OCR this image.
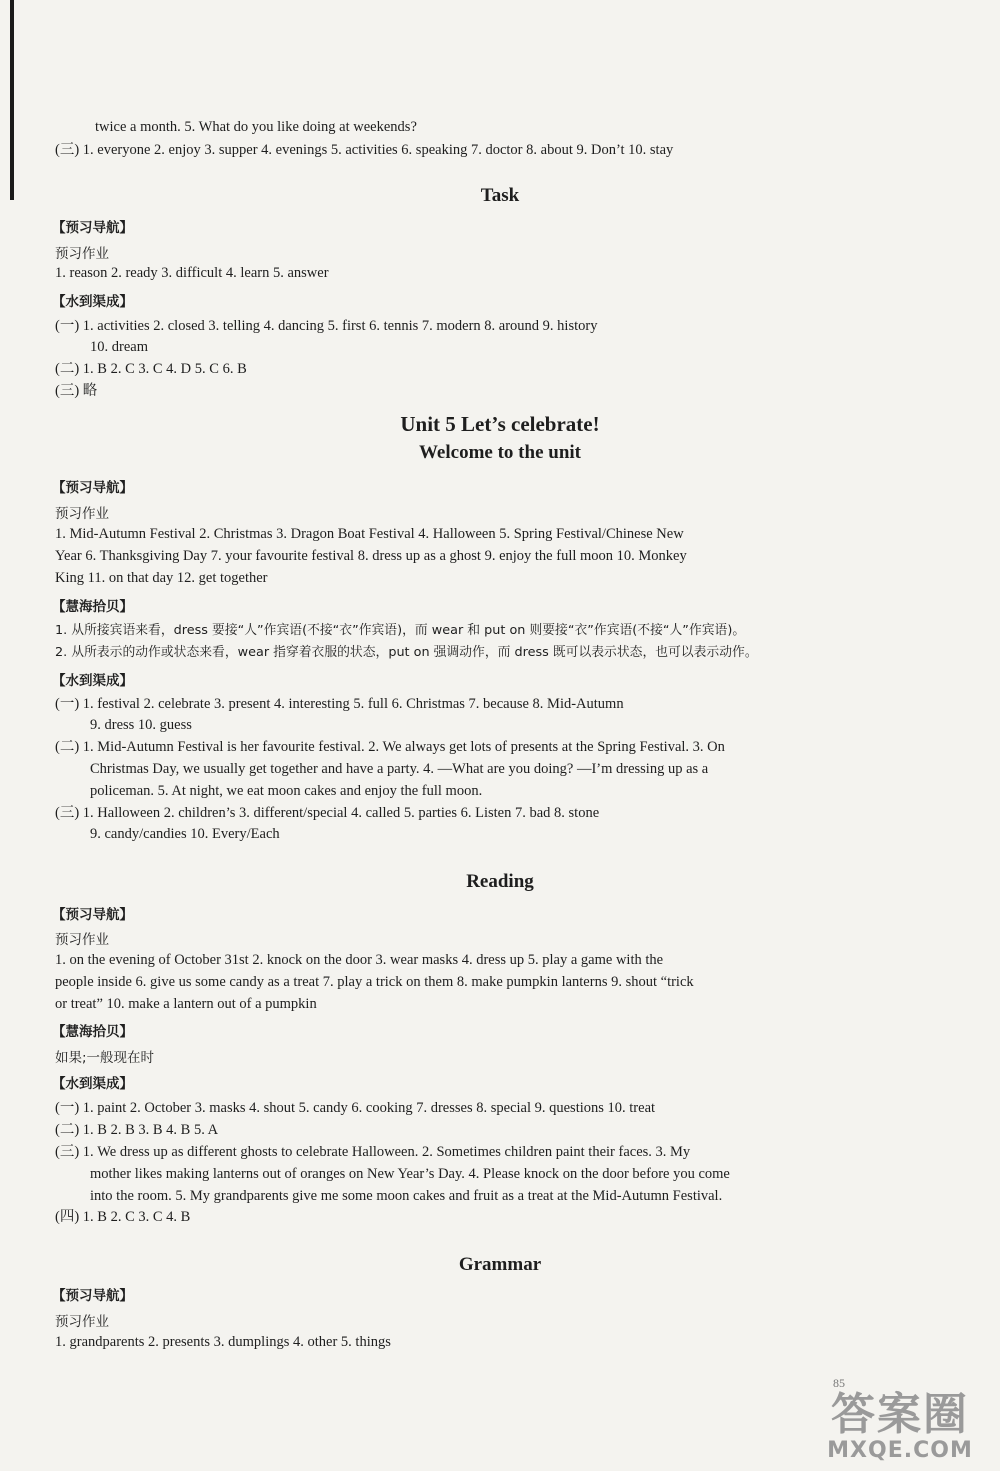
twice a month. 5. What do you like doing at weekends?
(三) 1. everyone 2. enjoy 3. supper 4. evenings 5. activities 6. speaking 7. doctor 8. about 9. Don’t 10. stay
Task
【预习导航】
预习作业
1. reason 2. ready 3. difficult 4. learn 5. answer
【水到渠成】
(一) 1. activities 2. closed 3. telling 4. dancing 5. first 6. tennis 7. modern 8. around 9. history
10. dream
(二) 1. B 2. C 3. C 4. D 5. C 6. B
(三) 略
Unit 5 Let’s celebrate!
Welcome to the unit
【预习导航】
预习作业
1. Mid-Autumn Festival 2. Christmas 3. Dragon Boat Festival 4. Halloween 5. Spring Festival/Chinese New
Year 6. Thanksgiving Day 7. your favourite festival 8. dress up as a ghost 9. enjoy the full moon 10. Monkey
King 11. on that day 12. get together
【慧海拾贝】
1. 从所接宾语来看，dress 要接“人”作宾语(不接“衣”作宾语)，而 wear 和 put on 则要接“衣”作宾语(不接“人”作宾语)。
2. 从所表示的动作或状态来看，wear 指穿着衣服的状态，put on 强调动作，而 dress 既可以表示状态，也可以表示动作。
【水到渠成】
(一) 1. festival 2. celebrate 3. present 4. interesting 5. full 6. Christmas 7. because 8. Mid-Autumn
9. dress 10. guess
(二) 1. Mid-Autumn Festival is her favourite festival. 2. We always get lots of presents at the Spring Festival. 3. On
Christmas Day, we usually get together and have a party. 4. —What are you doing? —I’m dressing up as a
policeman. 5. At night, we eat moon cakes and enjoy the full moon.
(三) 1. Halloween 2. children’s 3. different/special 4. called 5. parties 6. Listen 7. bad 8. stone
9. candy/candies 10. Every/Each
Reading
【预习导航】
预习作业
1. on the evening of October 31st 2. knock on the door 3. wear masks 4. dress up 5. play a game with the
people inside 6. give us some candy as a treat 7. play a trick on them 8. make pumpkin lanterns 9. shout “trick
or treat” 10. make a lantern out of a pumpkin
【慧海拾贝】
如果;一般现在时
【水到渠成】
(一) 1. paint 2. October 3. masks 4. shout 5. candy 6. cooking 7. dresses 8. special 9. questions 10. treat
(二) 1. B 2. B 3. B 4. B 5. A
(三) 1. We dress up as different ghosts to celebrate Halloween. 2. Sometimes children paint their faces. 3. My
mother likes making lanterns out of oranges on New Year’s Day. 4. Please knock on the door before you come
into the room. 5. My grandparents give me some moon cakes and fruit as a treat at the Mid-Autumn Festival.
(四) 1. B 2. C 3. C 4. B
Grammar
【预习导航】
预习作业
1. grandparents 2. presents 3. dumplings 4. other 5. things
85
答案圈
MXQE.COM
